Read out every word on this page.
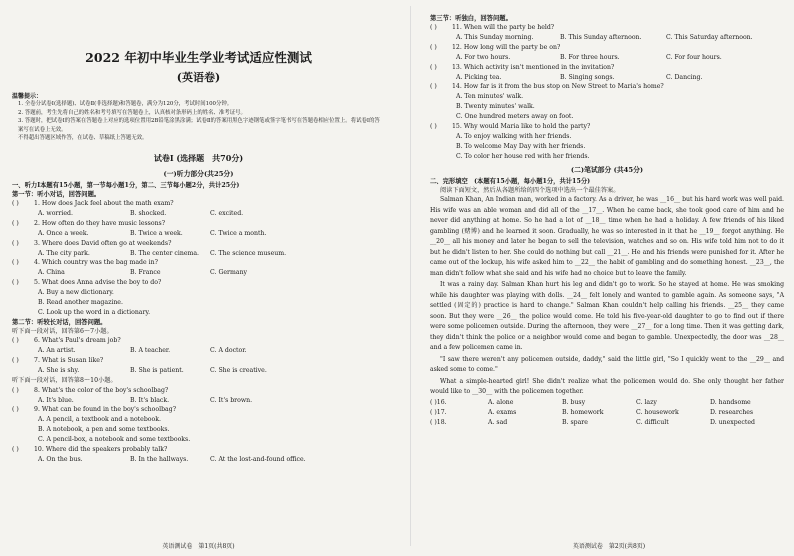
2022 年初中毕业生学业考试适应性测试
(英语卷)
温馨提示：
1. 全卷分试卷Ⅰ(选择题)、试卷Ⅱ(非选择题)和答题卷，满分为120分，考试时间100分钟。
2. 答题前，考生先将自己的姓名和考号填写在答题卷上，认真核对条形码上的姓名、准考证号。
3. 答题时，把试卷Ⅰ的答案在答题卷上对应的选项位置用2B铅笔涂黑涂满；试卷Ⅱ的答案用黑色字迹钢笔或签字笔书写在答题卷相应位置上。将试卷Ⅰ的答案写在试卷上无效。
不得超出答题区域作答，在试卷、草稿纸上答题无效。
试卷Ⅰ (选择题　共70分)
(一)听力部分(共25分)
一、听力Ⅰ本题有15小题，第一节每小题1分，第二、三节每小题2分，共计25分)
第一节：听小对话，回答问题。
( ) 1. How does Jack feel about the math exam?
A. worried.	B. shocked.	C. excited.
( ) 2. How often do they have music lessons?
A. Once a week.	B. Twice a week.	C. Twice a month.
( ) 3. Where does David often go at weekends?
A. The city park.	B. The center cinema.	C. The science museum.
( ) 4. Which country was the bag made in?
A. China	B. France	C. Germany
( ) 5. What does Anna advise the boy to do?
A. Buy a new dictionary.
B. Read another magazine.
C. Look up the word in a dictionary.
第二节：听较长对话，回答问题。
听下面一段对话，回答第6～7小题。
( ) 6. What's Paul's dream job?
A. An artist.	B. A teacher.	C. A doctor.
( ) 7. What is Susan like?
A. She is shy.	B. She is patient.	C. She is creative.
听下面一段对话，回答第8～10小题。
( ) 8. What's the color of the boy's schoolbag?
A. It's blue.	B. It's black.	C. It's brown.
( ) 9. What can be found in the boy's schoolbag?
A. A pencil, a textbook and a notebook.
B. A notebook, a pen and some textbooks.
C. A pencil-box, a notebook and some textbooks.
( ) 10. Where did the speakers probably talk?
A. On the bus.	B. In the hallways.	C. At the lost-and-found office.
英语测试卷　第1页(共8页)
第三节：听独白，回答问题。
( ) 11. When will the party be held?
A. This Sunday morning.	B. This Sunday afternoon.	C. This Saturday afternoon.
( ) 12. How long will the party be on?
A. For two hours.	B. For three hours.	C. For four hours.
( ) 13. Which activity isn't mentioned in the invitation?
A. Picking tea.	B. Singing songs.	C. Dancing.
( ) 14. How far is it from the bus stop on New Street to Maria's home?
A. Ten minutes' walk.
B. Twenty minutes' walk.
C. One hundred meters away on foot.
( ) 15. Why would Maria like to hold the party?
A. To enjoy walking with her friends.
B. To welcome May Day with her friends.
C. To color her house red with her friends.
(二)笔试部分 (共45分)
二、完形填空　(本题有15小题，每小题1分，共计15分)
阅读下面短文，然后从各题所给的四个选项中选出一个最佳答案。
Salman Khan, An Indian man, worked in a factory. As a driver, he was __16__ but his hard work was well paid. His wife was an able woman and did all of the __17__. When he came back, she took good care of him and he never did anything at home. So he had a lot of __18__ time when he had a holiday. A few friends of his liked gambling (赌博) and he learned it soon. Gradually, he was so interested in it that he __19__ forgot anything. He __20__ all his money and later he began to sell the television, watches and so on. His wife told him not to do it but he didn't listen to her. She could do nothing but call __21__. He and his friends were punished for it. After he came out of the lockup, his wife asked him to __22__ the habit of gambling and do something honest. __23__, the man didn't follow what she said and his wife had no choice but to leave the family.
It was a rainy day. Salman Khan hurt his leg and didn't go to work. So he stayed at home. He was smoking while his daughter was playing with dolls. __24__ felt lonely and wanted to gamble again. As someone says, "A settled (固定的) practice is hard to change." Salman Khan couldn't help calling his friends. __25__ they came soon. But they were __26__ the police would come. He told his five-year-old daughter to go to find out if there were some policemen outside. During the afternoon, they were __27__ for a long time. Then it was getting dark, they didn't think the police or a neighbor would come and began to gamble. Unexpectedly, the door was __28__ and a few policemen came in.
"I saw there weren't any policemen outside, daddy," said the little girl, "So I quickly went to the __29__ and asked some to come."
What a simple-hearted girl! She didn't realize what the policemen would do. She only thought her father would like to __30__ with the policemen together.
( )16.	A. alone	B. busy	C. lazy	D. handsome
( )17.	A. exams	B. homework	C. housework	D. researches
( )18.	A. sad	B. spare	C. difficult	D. unexpected
英语测试卷　第2页(共8页)
